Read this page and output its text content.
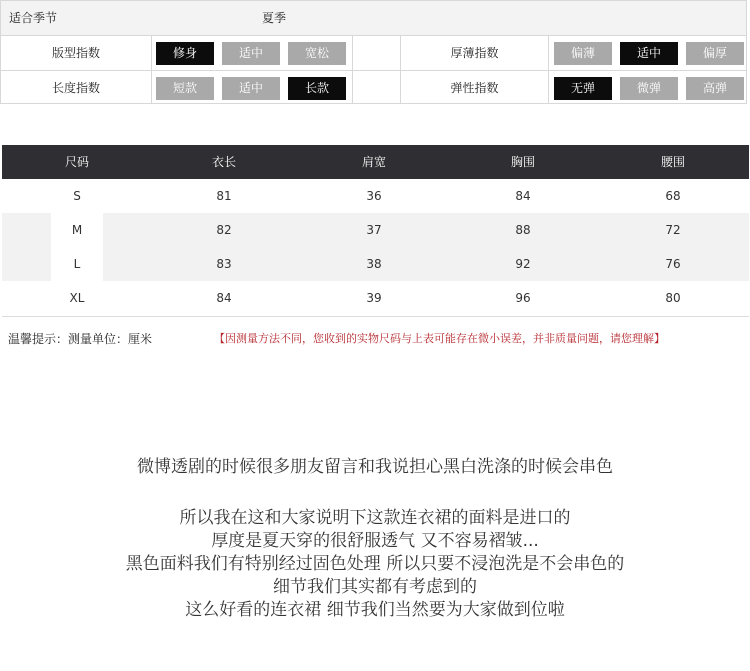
适合季节	夏季
版型指数	修身	适中	宽松	厚薄指数	偏薄	适中	偏厚
长度指数	短款	适中	长款	弹性指数	无弹	微弹	高弹
尺码	衣长	肩宽	胸围	腰围
S	81	36	84	68
M	82	37	88	72
L	83	38	92	76
XL	84	39	96	80
温馨提示：测量单位：厘米	【因测量方法不同，您收到的实物尺码与上表可能存在微小误差，并非质量问题，请您理解】
微博透剧的时候很多朋友留言和我说担心黑白洗涤的时候会串色
所以我在这和大家说明下这款连衣裙的面料是进口的
厚度是夏天穿的很舒服透气 又不容易褶皱...
黑色面料我们有特别经过固色处理 所以只要不浸泡洗是不会串色的
细节我们其实都有考虑到的
这么好看的连衣裙 细节我们当然要为大家做到位啦
